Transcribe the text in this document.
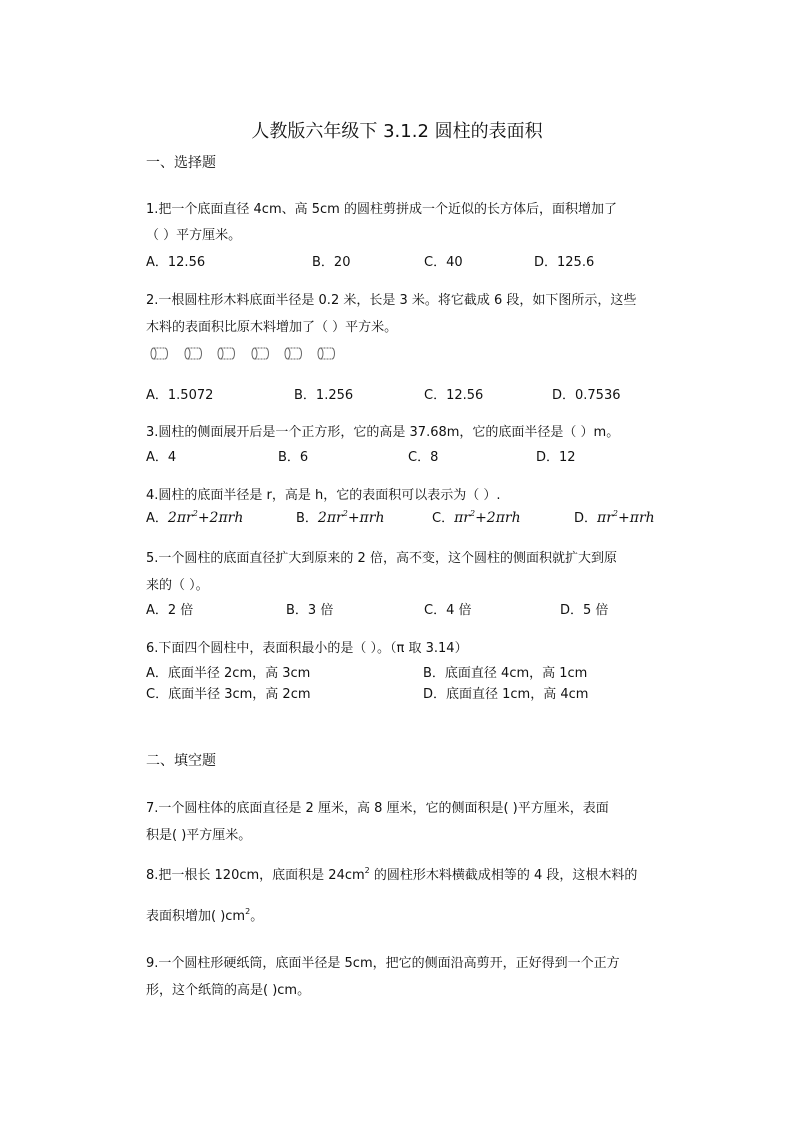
人教版六年级下 3.1.2 圆柱的表面积
一、选择题
1.把一个底面直径 4cm、高 5cm 的圆柱剪拼成一个近似的长方体后，面积增加了
（ ）平方厘米。
A．12.56	B．20	C．40	D．125.6
2.一根圆柱形木料底面半径是 0.2 米，长是 3 米。将它截成 6 段，如下图所示，这些
木料的表面积比原木料增加了（ ）平方米。
A．1.5072	B．1.256	C．12.56	D．0.7536
3.圆柱的侧面展开后是一个正方形，它的高是 37.68m，它的底面半径是（ ）m。
A．4	B．6	C．8	D．12
4.圆柱的底面半径是 r，高是 h，它的表面积可以表示为（ ）.
A．$2\pi r^2+2\pi rh$	B．$2\pi r^2+\pi rh$	C．$\pi r^2+2\pi rh$	D．$\pi r^2+\pi rh$
5.一个圆柱的底面直径扩大到原来的 2 倍，高不变，这个圆柱的侧面积就扩大到原
来的（ ）。
A．2 倍	B．3 倍	C．4 倍	D．5 倍
6.下面四个圆柱中，表面积最小的是（ ）。（π 取 3.14）
A．底面半径 2cm，高 3cm	B．底面直径 4cm，高 1cm
C．底面半径 3cm，高 2cm	D．底面直径 1cm，高 4cm
二、填空题
7.一个圆柱体的底面直径是 2 厘米，高 8 厘米，它的侧面积是( )平方厘米，表面
积是( )平方厘米。
8.把一根长 120cm，底面积是 $24cm^2$ 的圆柱形木料横截成相等的 4 段，这根木料的
表面积增加( )$cm^2$。
9.一个圆柱形硬纸筒，底面半径是 5cm，把它的侧面沿高剪开，正好得到一个正方
形，这个纸筒的高是( )cm。
